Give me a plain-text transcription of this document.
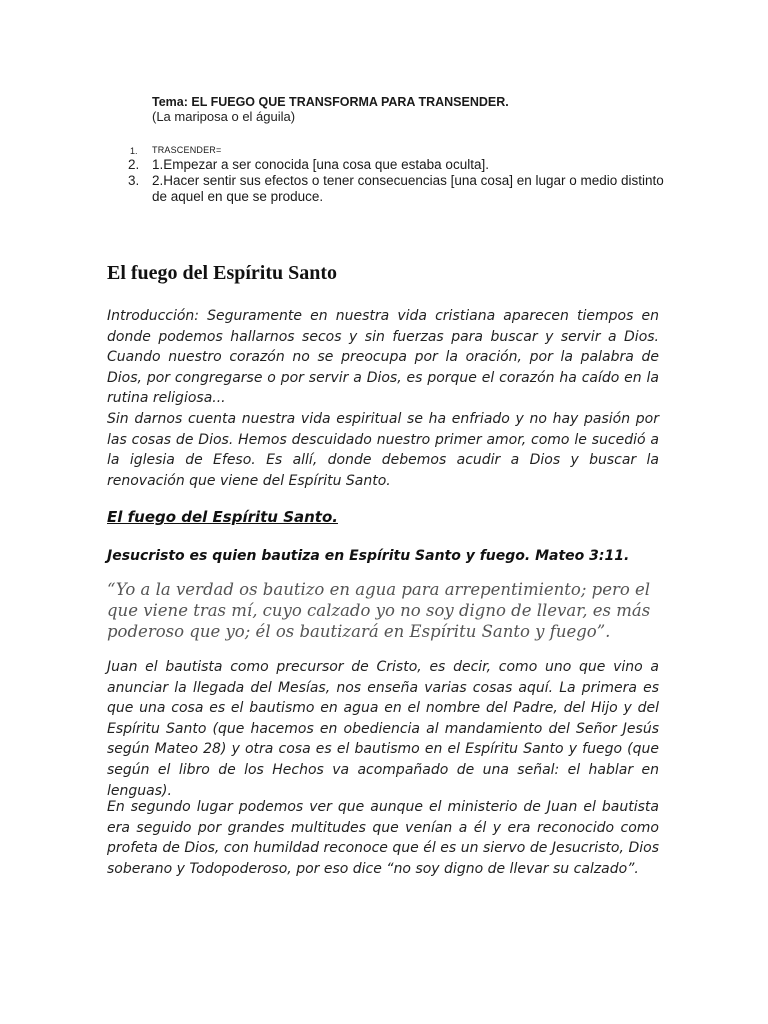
Tema: EL FUEGO QUE TRANSFORMA PARA TRANSENDER.
(La mariposa o el águila)
1. TRASCENDER=
2. 1.Empezar a ser conocida [una cosa que estaba oculta].
3. 2.Hacer sentir sus efectos o tener consecuencias [una cosa] en lugar o medio distinto de aquel en que se produce.
El fuego del Espíritu Santo
Introducción: Seguramente en nuestra vida cristiana aparecen tiempos en donde podemos hallarnos secos y sin fuerzas para buscar y servir a Dios. Cuando nuestro corazón no se preocupa por la oración, por la palabra de Dios, por congregarse o por servir a Dios, es porque el corazón ha caído en la rutina religiosa...
Sin darnos cuenta nuestra vida espiritual se ha enfriado y no hay pasión por las cosas de Dios. Hemos descuidado nuestro primer amor, como le sucedió a la iglesia de Efeso. Es allí, donde debemos acudir a Dios y buscar la renovación que viene del Espíritu Santo.
El fuego del Espíritu Santo.
Jesucristo es quien bautiza en Espíritu Santo y fuego. Mateo 3:11.
“Yo a la verdad os bautizo en agua para arrepentimiento; pero el que viene tras mí, cuyo calzado yo no soy digno de llevar, es más poderoso que yo; él os bautizará en Espíritu Santo y fuego”.
Juan el bautista como precursor de Cristo, es decir, como uno que vino a anunciar la llegada del Mesías, nos enseña varias cosas aquí. La primera es que una cosa es el bautismo en agua en el nombre del Padre, del Hijo y del Espíritu Santo (que hacemos en obediencia al mandamiento del Señor Jesús según Mateo 28) y otra cosa es el bautismo en el Espíritu Santo y fuego (que según el libro de los Hechos va acompañado de una señal: el hablar en lenguas).
En segundo lugar podemos ver que aunque el ministerio de Juan el bautista era seguido por grandes multitudes que venían a él y era reconocido como profeta de Dios, con humildad reconoce que él es un siervo de Jesucristo, Dios soberano y Todopoderoso, por eso dice “no soy digno de llevar su calzado”.
